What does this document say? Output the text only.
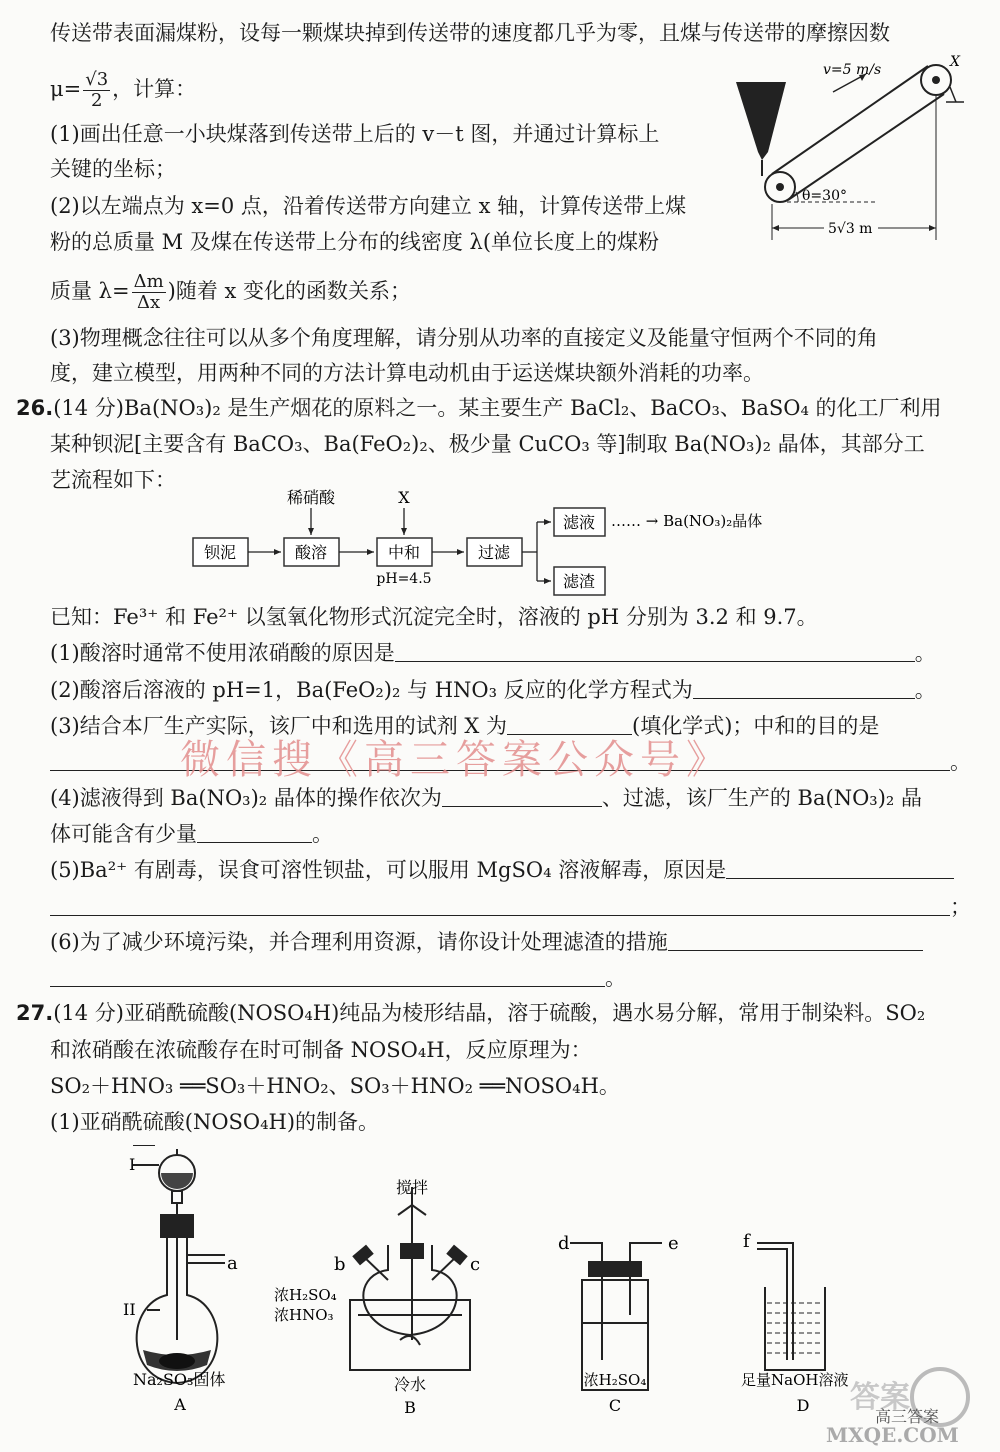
传送带表面漏煤粉，设每一颗煤块掉到传送带的速度都几乎为零，且煤与传送带的摩擦因数
$\mu= \frac{√3}{2}$ ，计算：
(1)画出任意一小块煤落到传送带上后的 v－t 图，并通过计算标上
关键的坐标；
(2)以左端点为 x=0 点，沿着传送带方向建立 x 轴，计算传送带上煤
粉的总质量 M 及煤在传送带上分布的线密度 λ(单位长度上的煤粉
质量 $\lambda= \frac{\Delta m}{\Delta x}$ )随着 x 变化的函数关系；
(3)物理概念往往可以从多个角度理解，请分别从功率的直接定义及能量守恒两个不同的角
度，建立模型，用两种不同的方法计算电动机由于运送煤块额外消耗的功率。
v=5 m/s	X
θ=30°
5√3 m
26.(14 分)Ba(NO₃)₂ 是生产烟花的原料之一。某主要生产 BaCl₂、BaCO₃、BaSO₄ 的化工厂利用
某种钡泥[主要含有 BaCO₃、Ba(FeO₂)₂、极少量 CuCO₃ 等]制取 Ba(NO₃)₂ 晶体，其部分工
艺流程如下：
钡泥	酸溶	中和	过滤
滤液
滤渣
稀硝酸	X
pH=4.5
…… → Ba(NO₃)₂晶体
已知：Fe³⁺ 和 Fe²⁺ 以氢氧化物形式沉淀完全时，溶液的 pH 分别为 3.2 和 9.7。
(1)酸溶时通常不使用浓硝酸的原因是	。
(2)酸溶后溶液的 pH=1，Ba(FeO₂)₂ 与 HNO₃ 反应的化学方程式为	。
(3)结合本厂生产实际，该厂中和选用的试剂 X 为	(填化学式)；中和的目的是
。
微信搜《高三答案公众号》
(4)滤液得到 Ba(NO₃)₂ 晶体的操作依次为	、过滤，该厂生产的 Ba(NO₃)₂ 晶
体可能含有少量	。
(5)Ba²⁺ 有剧毒，误食可溶性钡盐，可以服用 MgSO₄ 溶液解毒，原因是
；
(6)为了减少环境污染，并合理利用资源，请你设计处理滤渣的措施
。
27.(14 分)亚硝酰硫酸(NOSO₄H)纯品为棱形结晶，溶于硫酸，遇水易分解，常用于制染料。SO₂
和浓硝酸在浓硫酸存在时可制备 NOSO₄H，反应原理为：
SO₂＋HNO₃ ══SO₃＋HNO₂、SO₃＋HNO₂ ══NOSO₄H。
(1)亚硝酰硫酸(NOSO₄H)的制备。
I
II
a
Na₂SO₃固体
A
搅拌
b	c
浓H₂SO₄
浓HNO₃
冷水
B
d	e
浓H₂SO₄
C
f
足量NaOH溶液
D 答案
MXQE.COM
高三答案
